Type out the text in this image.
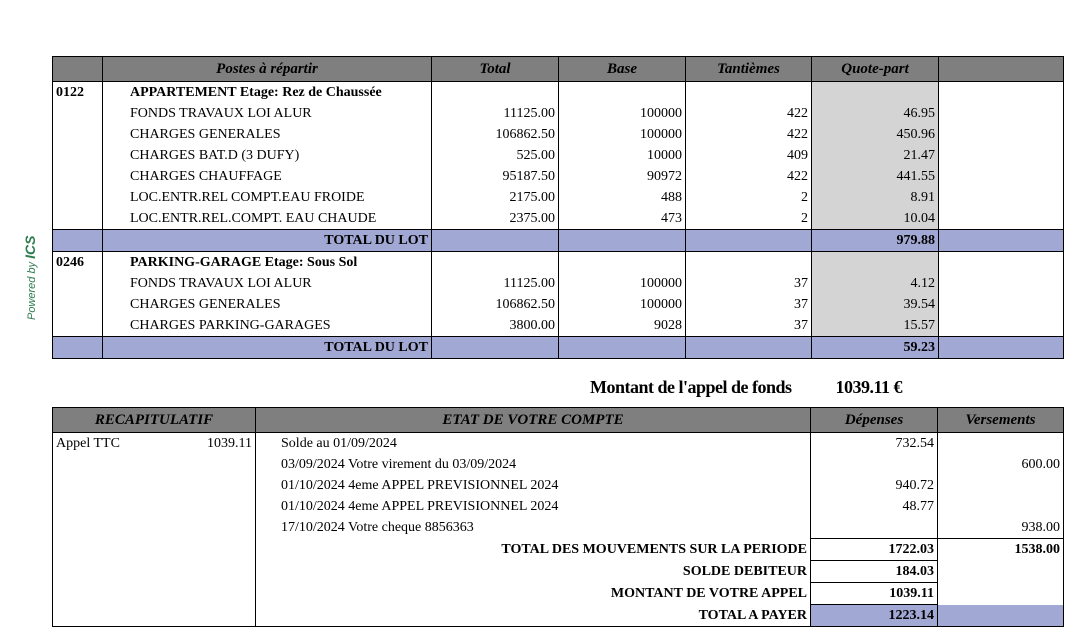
Powered by ICS
	Postes à répartir	Total	Base	Tantièmes	Quote-part	
0122	APPARTEMENT Etage: Rez de Chaussée					
	FONDS TRAVAUX LOI ALUR	11125.00	100000	422	46.95	
	CHARGES GENERALES	106862.50	100000	422	450.96	
	CHARGES BAT.D (3 DUFY)	525.00	10000	409	21.47	
	CHARGES CHAUFFAGE	95187.50	90972	422	441.55	
	LOC.ENTR.REL COMPT.EAU FROIDE	2175.00	488	2	8.91	
	LOC.ENTR.REL.COMPT. EAU CHAUDE	2375.00	473	2	10.04	
	TOTAL DU LOT				979.88	
0246	PARKING-GARAGE Etage: Sous Sol					
	FONDS TRAVAUX LOI ALUR	11125.00	100000	37	4.12	
	CHARGES GENERALES	106862.50	100000	37	39.54	
	CHARGES PARKING-GARAGES	3800.00	9028	37	15.57	
	TOTAL DU LOT				59.23	
Montant de l'appel de fonds 1039.11 €
RECAPITULATIF		ETAT DE VOTRE COMPTE	Dépenses	Versements
Appel TTC	1039.11	Solde au 01/09/2024	732.54	
		03/09/2024 Votre virement du 03/09/2024		600.00
		01/10/2024 4eme APPEL PREVISIONNEL 2024	940.72	
		01/10/2024 4eme APPEL PREVISIONNEL 2024	48.77	
		17/10/2024 Votre cheque 8856363		938.00
		TOTAL DES MOUVEMENTS SUR LA PERIODE	1722.03	1538.00
		SOLDE DEBITEUR	184.03	
		MONTANT DE VOTRE APPEL	1039.11	
		TOTAL A PAYER	1223.14	
